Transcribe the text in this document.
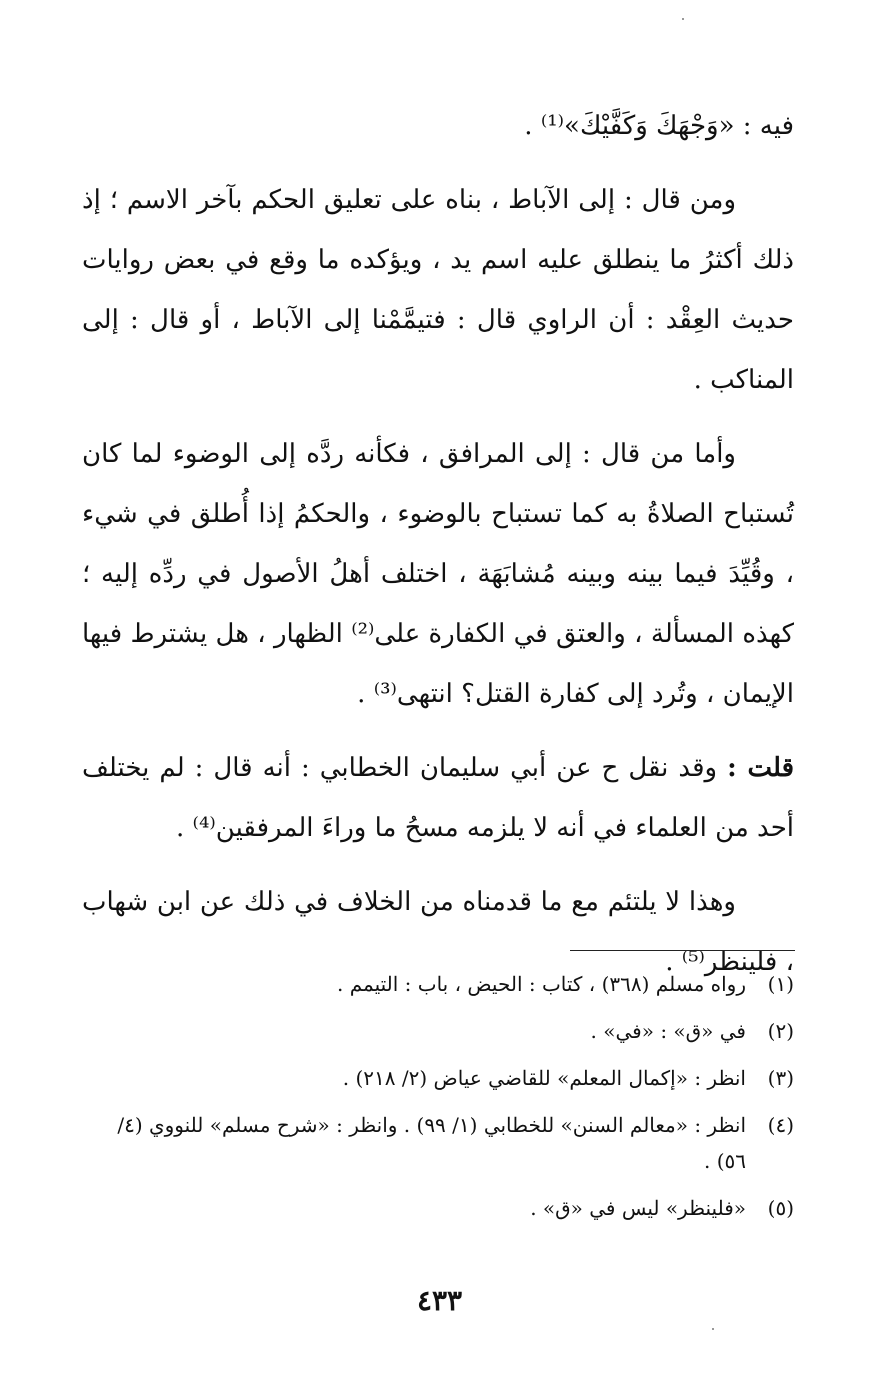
فيه : «وَجْهَكَ وَكَفَّيْكَ»⁽¹⁾ .

ومن قال : إلى الآباط ، بناه على تعليق الحكم بآخر الاسم ؛ إذ ذلك أكثرُ ما ينطلق عليه اسم يد ، ويؤكده ما وقع في بعض روايات حديث العِقْد : أن الراوي قال : فتيمَّمْنا إلى الآباط ، أو قال : إلى المناكب .

وأما من قال : إلى المرافق ، فكأنه ردَّه إلى الوضوء لما كان تُستباح الصلاةُ به كما تستباح بالوضوء ، والحكمُ إذا أُطلق في شيء ، وقُيِّدَ فيما بينه وبينه مُشابَهَة ، اختلف أهلُ الأصول في ردِّه إليه ؛ كهذه المسألة ، والعتق في الكفارة على⁽²⁾ الظهار ، هل يشترط فيها الإيمان ، وتُرد إلى كفارة القتل؟ انتهى⁽³⁾ .

قلت : وقد نقل ح عن أبي سليمان الخطابي : أنه قال : لم يختلف أحد من العلماء في أنه لا يلزمه مسحُ ما وراءَ المرفقين⁽⁴⁾ .

وهذا لا يلتئم مع ما قدمناه من الخلاف في ذلك عن ابن شهاب ، فلينظر⁽⁵⁾ .

(١)
رواه مسلم (٣٦٨) ، كتاب : الحيض ، باب : التيمم .
(٢)
في «ق» : «في» .
(٣)
انظر : «إكمال المعلم» للقاضي عياض (٢/ ٢١٨) .
(٤)
انظر : «معالم السنن» للخطابي (١/ ٩٩) . وانظر : «شرح مسلم» للنووي (٤/ ٥٦) .
(٥)
«فلينظر» ليس في «ق» .
٤٣٣
